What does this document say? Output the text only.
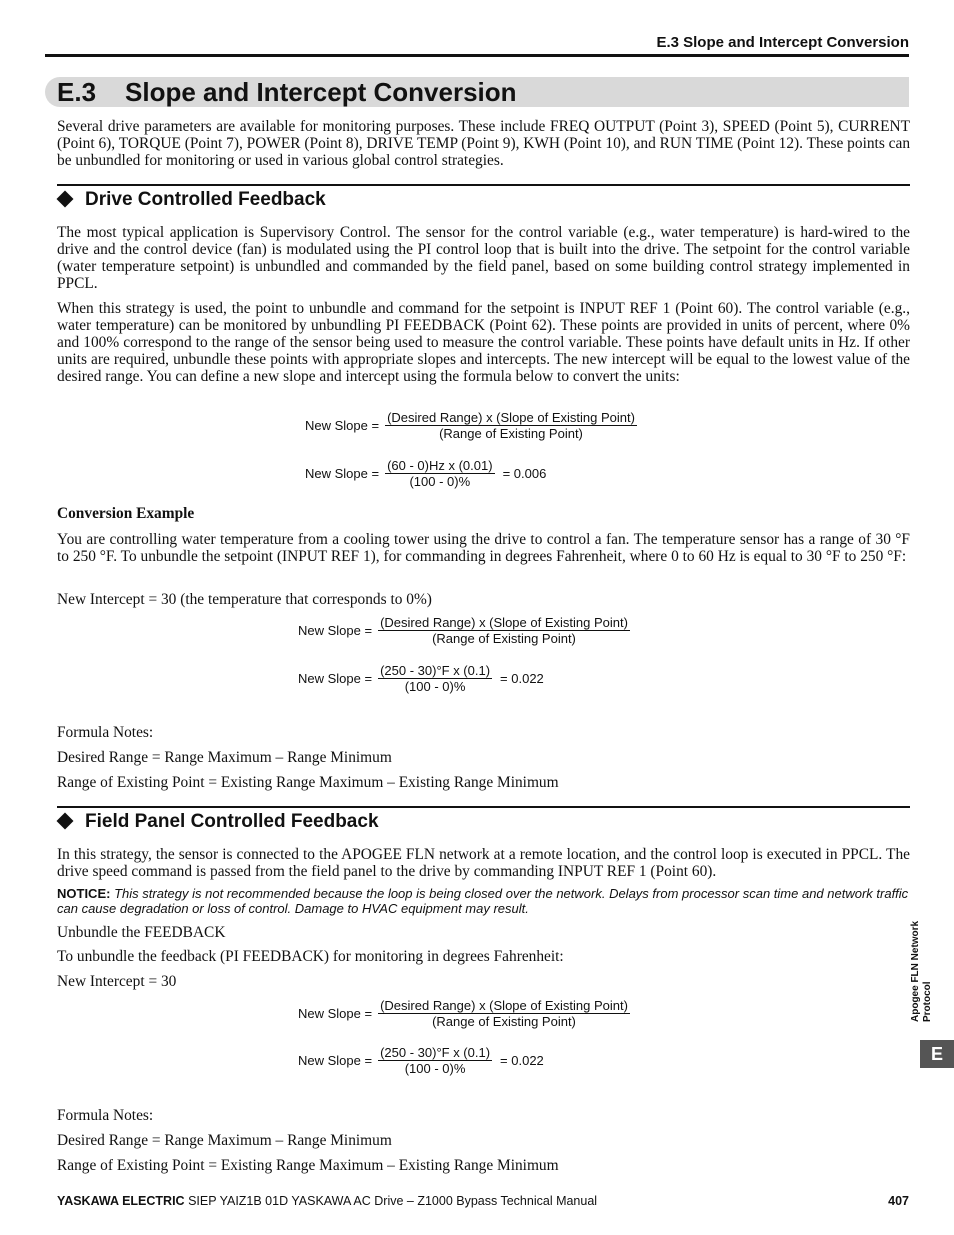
E.3 Slope and Intercept Conversion
E.3 Slope and Intercept Conversion
Several drive parameters are available for monitoring purposes. These include FREQ OUTPUT (Point 3), SPEED (Point 5), CURRENT (Point 6), TORQUE (Point 7), POWER (Point 8), DRIVE TEMP (Point 9), KWH (Point 10), and RUN TIME (Point 12). These points can be unbundled for monitoring or used in various global control strategies.
Drive Controlled Feedback
The most typical application is Supervisory Control. The sensor for the control variable (e.g., water temperature) is hard-wired to the drive and the control device (fan) is modulated using the PI control loop that is built into the drive. The setpoint for the control variable (water temperature setpoint) is unbundled and commanded by the field panel, based on some building control strategy implemented in PPCL.
When this strategy is used, the point to unbundle and command for the setpoint is INPUT REF 1 (Point 60). The control variable (e.g., water temperature) can be monitored by unbundling PI FEEDBACK (Point 62). These points are provided in units of percent, where 0% and 100% correspond to the range of the sensor being used to measure the control variable. These points have default units in Hz. If other units are required, unbundle these points with appropriate slopes and intercepts. The new intercept will be equal to the lowest value of the desired range. You can define a new slope and intercept using the formula below to convert the units:
New Slope = $\frac{\text{(Desired Range) x (Slope of Existing Point)}}{\text{(Range of Existing Point)}}$
New Slope = $\frac{\text{(60 - 0)Hz x (0.01)}}{(100 - 0)\%} = 0.006$
Conversion Example
You are controlling water temperature from a cooling tower using the drive to control a fan. The temperature sensor has a range of 30 °F to 250 °F. To unbundle the setpoint (INPUT REF 1), for commanding in degrees Fahrenheit, where 0 to 60 Hz is equal to 30 °F to 250 °F:
New Intercept = 30 (the temperature that corresponds to 0%)
New Slope = $\frac{\text{(Desired Range) x (Slope of Existing Point)}}{\text{(Range of Existing Point)}}$
New Slope = $\frac{\text{(250 - 30)°F x (0.1)}}{(100 - 0)\%} = 0.022$
Formula Notes:
Desired Range = Range Maximum – Range Minimum
Range of Existing Point = Existing Range Maximum – Existing Range Minimum
Field Panel Controlled Feedback
In this strategy, the sensor is connected to the APOGEE FLN network at a remote location, and the control loop is executed in PPCL. The drive speed command is passed from the field panel to the drive by commanding INPUT REF 1 (Point 60).
NOTICE: This strategy is not recommended because the loop is being closed over the network. Delays from processor scan time and network traffic can cause degradation or loss of control. Damage to HVAC equipment may result.
Unbundle the FEEDBACK
To unbundle the feedback (PI FEEDBACK) for monitoring in degrees Fahrenheit:
New Intercept = 30
New Slope = $\frac{\text{(Desired Range) x (Slope of Existing Point)}}{\text{(Range of Existing Point)}}$
New Slope = $\frac{\text{(250 - 30)°F x (0.1)}}{(100 - 0)\%} = 0.022$
Formula Notes:
Desired Range = Range Maximum – Range Minimum
Range of Existing Point = Existing Range Maximum – Existing Range Minimum
Apogee FLN Network Protocol
E
YASKAWA ELECTRIC SIEP YAIZ1B 01D YASKAWA AC Drive – Z1000 Bypass Technical Manual	407
